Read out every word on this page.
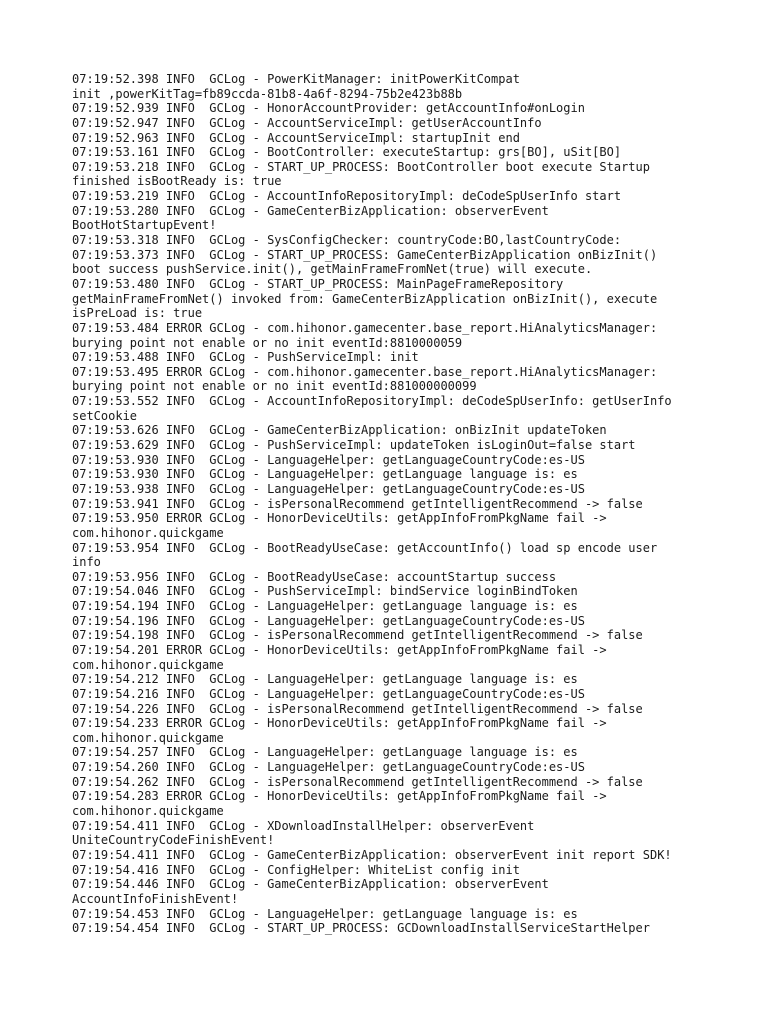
07:19:52.398 INFO  GCLog - PowerKitManager: initPowerKitCompat
init ,powerKitTag=fb89ccda-81b8-4a6f-8294-75b2e423b88b
07:19:52.939 INFO  GCLog - HonorAccountProvider: getAccountInfo#onLogin
07:19:52.947 INFO  GCLog - AccountServiceImpl: getUserAccountInfo
07:19:52.963 INFO  GCLog - AccountServiceImpl: startupInit end
07:19:53.161 INFO  GCLog - BootController: executeStartup: grs[BO], uSit[BO]
07:19:53.218 INFO  GCLog - START_UP_PROCESS: BootController boot execute Startup
finished isBootReady is: true
07:19:53.219 INFO  GCLog - AccountInfoRepositoryImpl: deCodeSpUserInfo start
07:19:53.280 INFO  GCLog - GameCenterBizApplication: observerEvent
BootHotStartupEvent!
07:19:53.318 INFO  GCLog - SysConfigChecker: countryCode:BO,lastCountryCode:
07:19:53.373 INFO  GCLog - START_UP_PROCESS: GameCenterBizApplication onBizInit()
boot success pushService.init(), getMainFrameFromNet(true) will execute.
07:19:53.480 INFO  GCLog - START_UP_PROCESS: MainPageFrameRepository
getMainFrameFromNet() invoked from: GameCenterBizApplication onBizInit(), execute
isPreLoad is: true
07:19:53.484 ERROR GCLog - com.hihonor.gamecenter.base_report.HiAnalyticsManager:
burying point not enable or no init eventId:8810000059
07:19:53.488 INFO  GCLog - PushServiceImpl: init
07:19:53.495 ERROR GCLog - com.hihonor.gamecenter.base_report.HiAnalyticsManager:
burying point not enable or no init eventId:881000000099
07:19:53.552 INFO  GCLog - AccountInfoRepositoryImpl: deCodeSpUserInfo: getUserInfo
setCookie
07:19:53.626 INFO  GCLog - GameCenterBizApplication: onBizInit updateToken
07:19:53.629 INFO  GCLog - PushServiceImpl: updateToken isLoginOut=false start
07:19:53.930 INFO  GCLog - LanguageHelper: getLanguageCountryCode:es-US
07:19:53.930 INFO  GCLog - LanguageHelper: getLanguage language is: es
07:19:53.938 INFO  GCLog - LanguageHelper: getLanguageCountryCode:es-US
07:19:53.941 INFO  GCLog - isPersonalRecommend getIntelligentRecommend -> false
07:19:53.950 ERROR GCLog - HonorDeviceUtils: getAppInfoFromPkgName fail ->
com.hihonor.quickgame
07:19:53.954 INFO  GCLog - BootReadyUseCase: getAccountInfo() load sp encode user
info
07:19:53.956 INFO  GCLog - BootReadyUseCase: accountStartup success
07:19:54.046 INFO  GCLog - PushServiceImpl: bindService loginBindToken
07:19:54.194 INFO  GCLog - LanguageHelper: getLanguage language is: es
07:19:54.196 INFO  GCLog - LanguageHelper: getLanguageCountryCode:es-US
07:19:54.198 INFO  GCLog - isPersonalRecommend getIntelligentRecommend -> false
07:19:54.201 ERROR GCLog - HonorDeviceUtils: getAppInfoFromPkgName fail ->
com.hihonor.quickgame
07:19:54.212 INFO  GCLog - LanguageHelper: getLanguage language is: es
07:19:54.216 INFO  GCLog - LanguageHelper: getLanguageCountryCode:es-US
07:19:54.226 INFO  GCLog - isPersonalRecommend getIntelligentRecommend -> false
07:19:54.233 ERROR GCLog - HonorDeviceUtils: getAppInfoFromPkgName fail ->
com.hihonor.quickgame
07:19:54.257 INFO  GCLog - LanguageHelper: getLanguage language is: es
07:19:54.260 INFO  GCLog - LanguageHelper: getLanguageCountryCode:es-US
07:19:54.262 INFO  GCLog - isPersonalRecommend getIntelligentRecommend -> false
07:19:54.283 ERROR GCLog - HonorDeviceUtils: getAppInfoFromPkgName fail ->
com.hihonor.quickgame
07:19:54.411 INFO  GCLog - XDownloadInstallHelper: observerEvent
UniteCountryCodeFinishEvent!
07:19:54.411 INFO  GCLog - GameCenterBizApplication: observerEvent init report SDK!
07:19:54.416 INFO  GCLog - ConfigHelper: WhiteList config init
07:19:54.446 INFO  GCLog - GameCenterBizApplication: observerEvent
AccountInfoFinishEvent!
07:19:54.453 INFO  GCLog - LanguageHelper: getLanguage language is: es
07:19:54.454 INFO  GCLog - START_UP_PROCESS: GCDownloadInstallServiceStartHelper
